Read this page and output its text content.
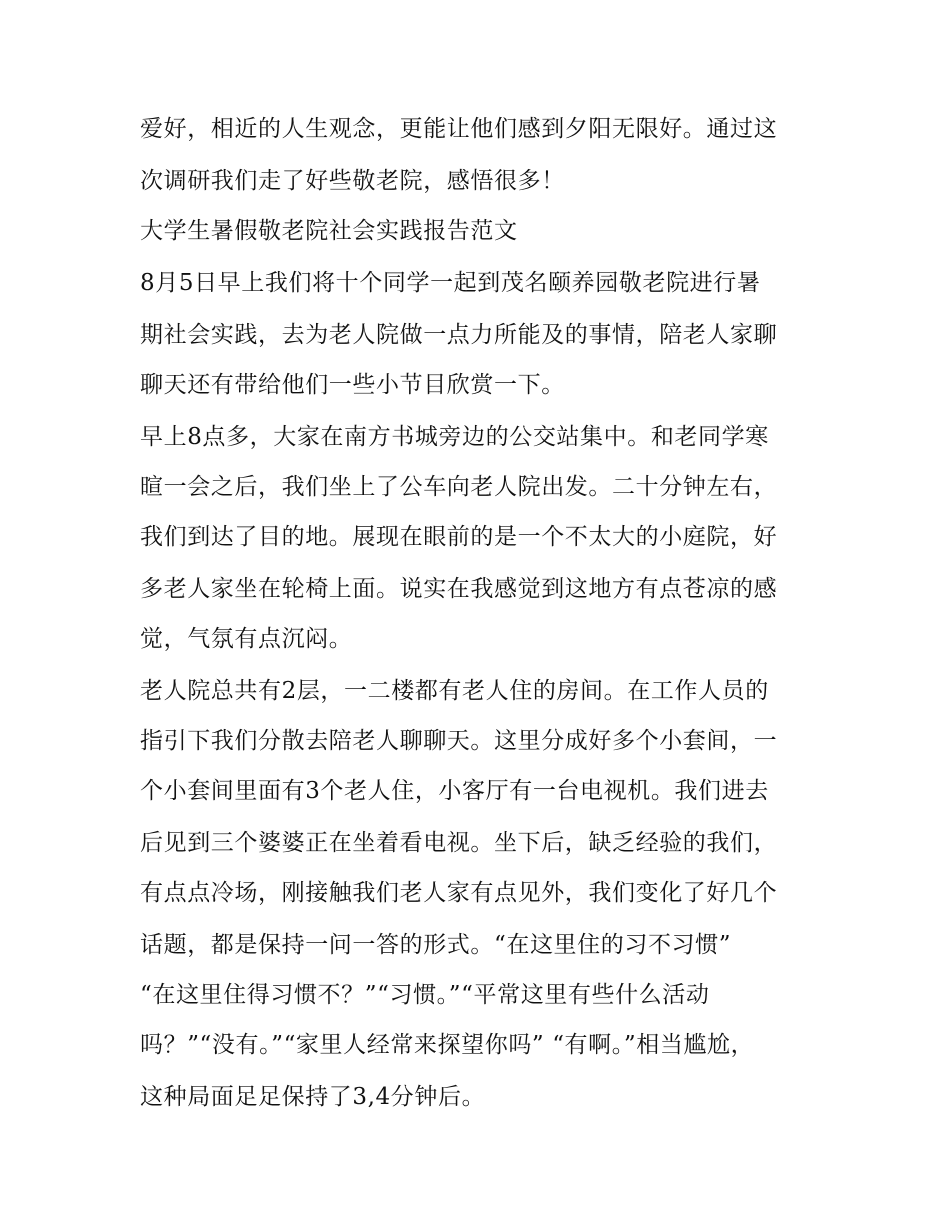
爱好，相近的人生观念，更能让他们感到夕阳无限好。通过这

次调研我们走了好些敬老院，感悟很多！

大学生暑假敬老院社会实践报告范文

8月5日早上我们将十个同学一起到茂名颐养园敬老院进行暑

期社会实践，去为老人院做一点力所能及的事情，陪老人家聊

聊天还有带给他们一些小节目欣赏一下。

早上8点多，大家在南方书城旁边的公交站集中。和老同学寒

暄一会之后，我们坐上了公车向老人院出发。二十分钟左右，

我们到达了目的地。展现在眼前的是一个不太大的小庭院，好

多老人家坐在轮椅上面。说实在我感觉到这地方有点苍凉的感

觉，气氛有点沉闷。

老人院总共有2层，一二楼都有老人住的房间。在工作人员的

指引下我们分散去陪老人聊聊天。这里分成好多个小套间，一

个小套间里面有3个老人住，小客厅有一台电视机。我们进去

后见到三个婆婆正在坐着看电视。坐下后，缺乏经验的我们，

有点点冷场，刚接触我们老人家有点见外，我们变化了好几个

话题，都是保持一问一答的形式。“在这里住的习不习惯”

“在这里住得习惯不？”“习惯。”“平常这里有些什么活动

吗？”“没有。”“家里人经常来探望你吗” “有啊。”相当尴尬，

这种局面足足保持了3,4分钟后。
